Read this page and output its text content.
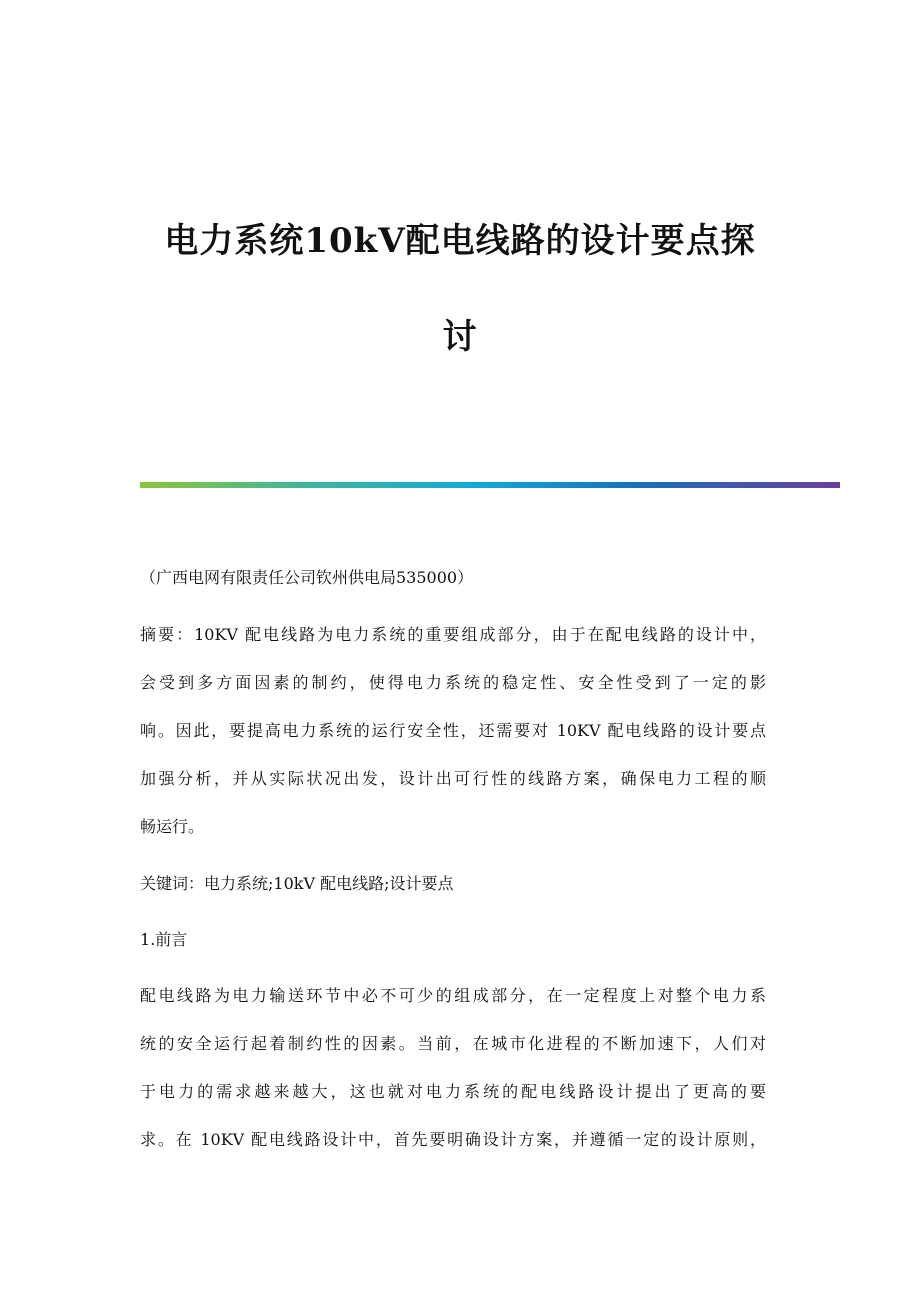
电力系统10kV配电线路的设计要点探
讨

（广西电网有限责任公司钦州供电局535000）

摘要：10KV 配电线路为电力系统的重要组成部分，由于在配电线路的设计中，

会受到多方面因素的制约，使得电力系统的稳定性、安全性受到了一定的影

响。因此，要提高电力系统的运行安全性，还需要对 10KV 配电线路的设计要点

加强分析，并从实际状况出发，设计出可行性的线路方案，确保电力工程的顺

畅运行。

关键词：电力系统;10kV 配电线路;设计要点

1.前言

配电线路为电力输送环节中必不可少的组成部分，在一定程度上对整个电力系

统的安全运行起着制约性的因素。当前，在城市化进程的不断加速下，人们对

于电力的需求越来越大，这也就对电力系统的配电线路设计提出了更高的要

求。在 10KV 配电线路设计中，首先要明确设计方案，并遵循一定的设计原则，
